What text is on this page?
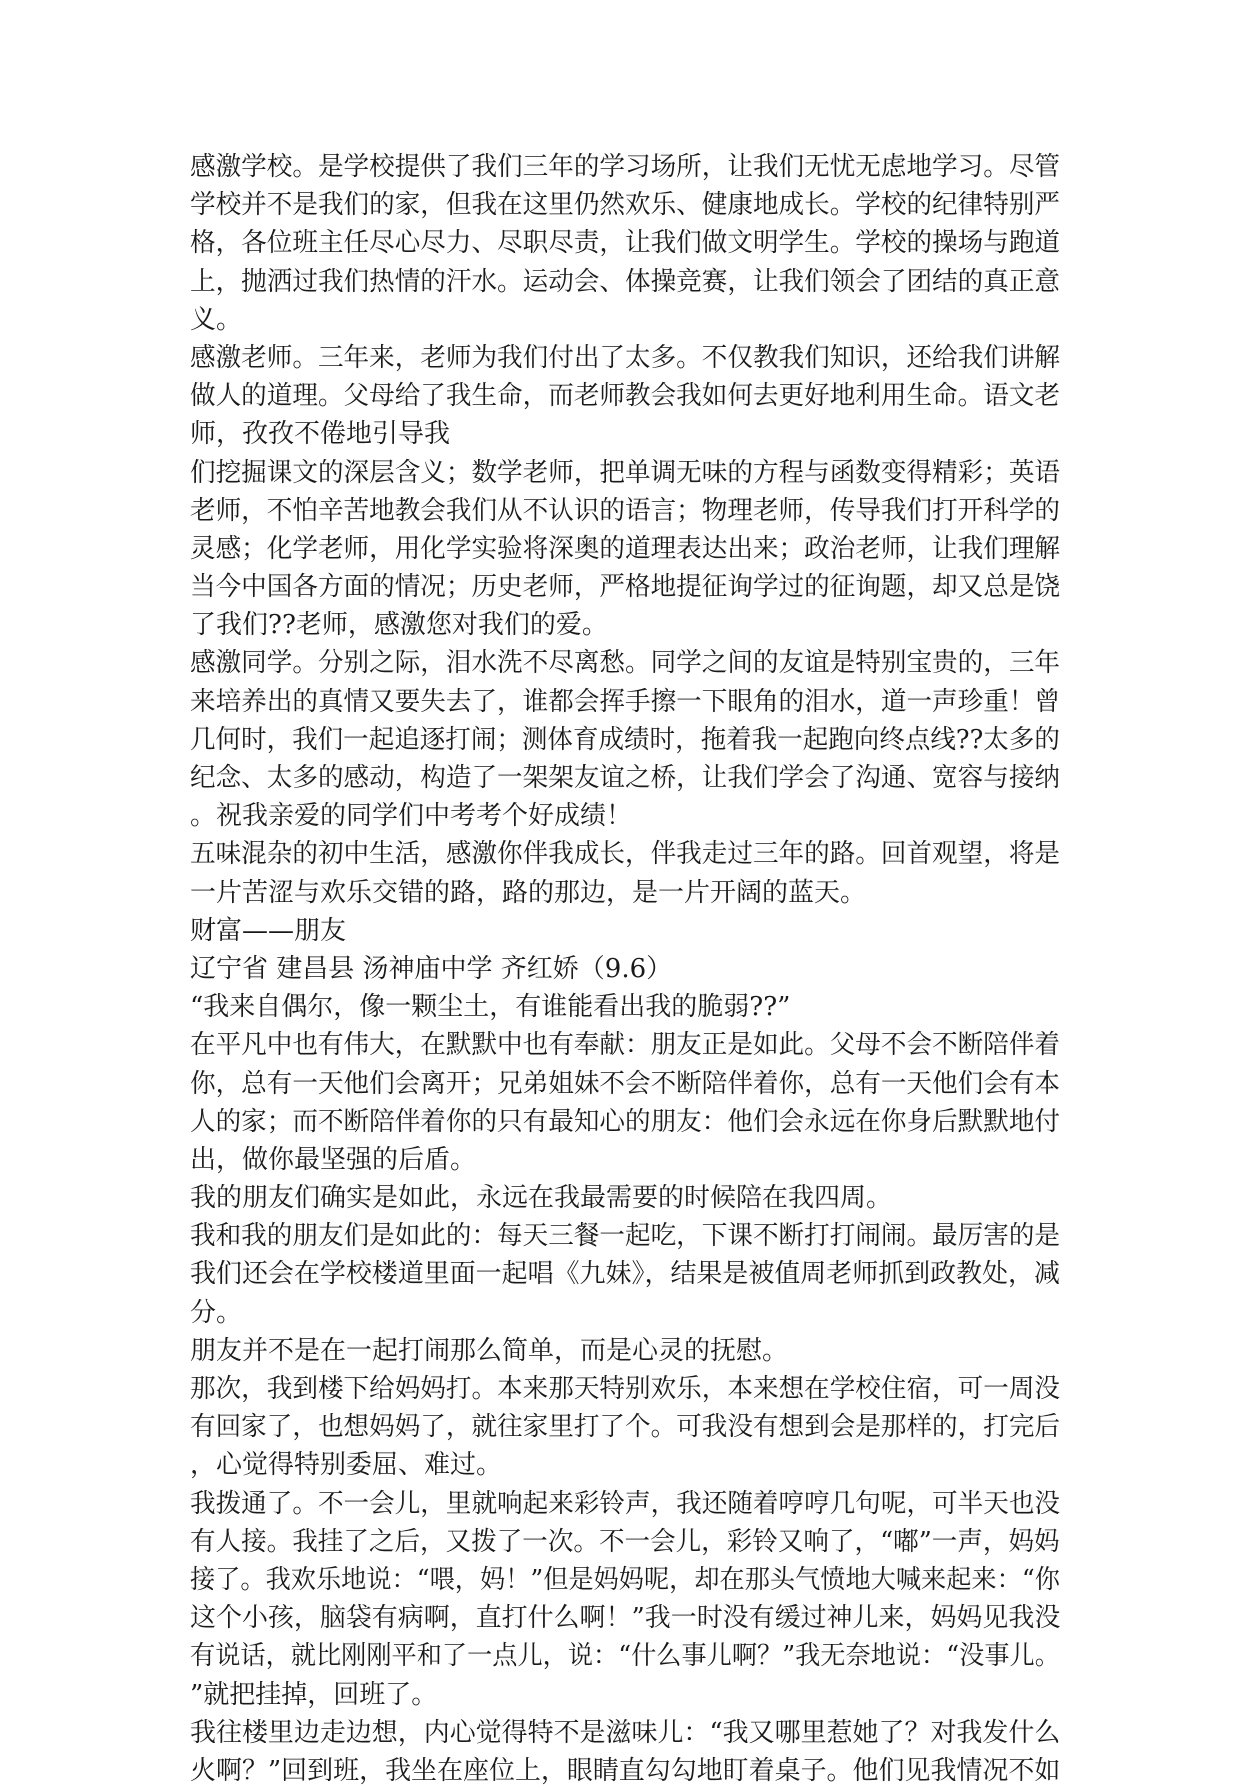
感激学校。是学校提供了我们三年的学习场所，让我们无忧无虑地学习。尽管
学校并不是我们的家，但我在这里仍然欢乐、健康地成长。学校的纪律特别严
格，各位班主任尽心尽力、尽职尽责，让我们做文明学生。学校的操场与跑道
上，抛洒过我们热情的汗水。运动会、体操竞赛，让我们领会了团结的真正意
义。
感激老师。三年来，老师为我们付出了太多。不仅教我们知识，还给我们讲解
做人的道理。父母给了我生命，而老师教会我如何去更好地利用生命。语文老
师，孜孜不倦地引导我
们挖掘课文的深层含义；数学老师，把单调无味的方程与函数变得精彩；英语
老师，不怕辛苦地教会我们从不认识的语言；物理老师，传导我们打开科学的
灵感；化学老师，用化学实验将深奥的道理表达出来；政治老师，让我们理解
当今中国各方面的情况；历史老师，严格地提征询学过的征询题，却又总是饶
了我们??老师，感激您对我们的爱。
感激同学。分别之际，泪水洗不尽离愁。同学之间的友谊是特别宝贵的，三年
来培养出的真情又要失去了，谁都会挥手擦一下眼角的泪水，道一声珍重！曾
几何时，我们一起追逐打闹；测体育成绩时，拖着我一起跑向终点线??太多的
纪念、太多的感动，构造了一架架友谊之桥，让我们学会了沟通、宽容与接纳
。祝我亲爱的同学们中考考个好成绩！
五味混杂的初中生活，感激你伴我成长，伴我走过三年的路。回首观望，将是
一片苦涩与欢乐交错的路，路的那边，是一片开阔的蓝天。
财富——朋友
辽宁省 建昌县 汤神庙中学 齐红娇（9.6）
“我来自偶尔，像一颗尘土，有谁能看出我的脆弱??”
在平凡中也有伟大，在默默中也有奉献：朋友正是如此。父母不会不断陪伴着
你，总有一天他们会离开；兄弟姐妹不会不断陪伴着你，总有一天他们会有本
人的家；而不断陪伴着你的只有最知心的朋友：他们会永远在你身后默默地付
出，做你最坚强的后盾。
我的朋友们确实是如此，永远在我最需要的时候陪在我四周。
我和我的朋友们是如此的：每天三餐一起吃，下课不断打打闹闹。最厉害的是
我们还会在学校楼道里面一起唱《九妹》，结果是被值周老师抓到政教处，减
分。
朋友并不是在一起打闹那么简单，而是心灵的抚慰。
那次，我到楼下给妈妈打。本来那天特别欢乐，本来想在学校住宿，可一周没
有回家了，也想妈妈了，就往家里打了个。可我没有想到会是那样的，打完后
，心觉得特别委屈、难过。
我拨通了。不一会儿，里就响起来彩铃声，我还随着哼哼几句呢，可半天也没
有人接。我挂了之后，又拨了一次。不一会儿，彩铃又响了，“嘟”一声，妈妈
接了。我欢乐地说：“喂，妈！”但是妈妈呢，却在那头气愤地大喊来起来：“你
这个小孩，脑袋有病啊，直打什么啊！”我一时没有缓过神儿来，妈妈见我没
有说话，就比刚刚平和了一点儿，说：“什么事儿啊？”我无奈地说：“没事儿。
”就把挂掉，回班了。
我往楼里边走边想，内心觉得特不是滋味儿：“我又哪里惹她了？对我发什么
火啊？”回到班，我坐在座位上，眼睛直勾勾地盯着桌子。他们见我情况不如
